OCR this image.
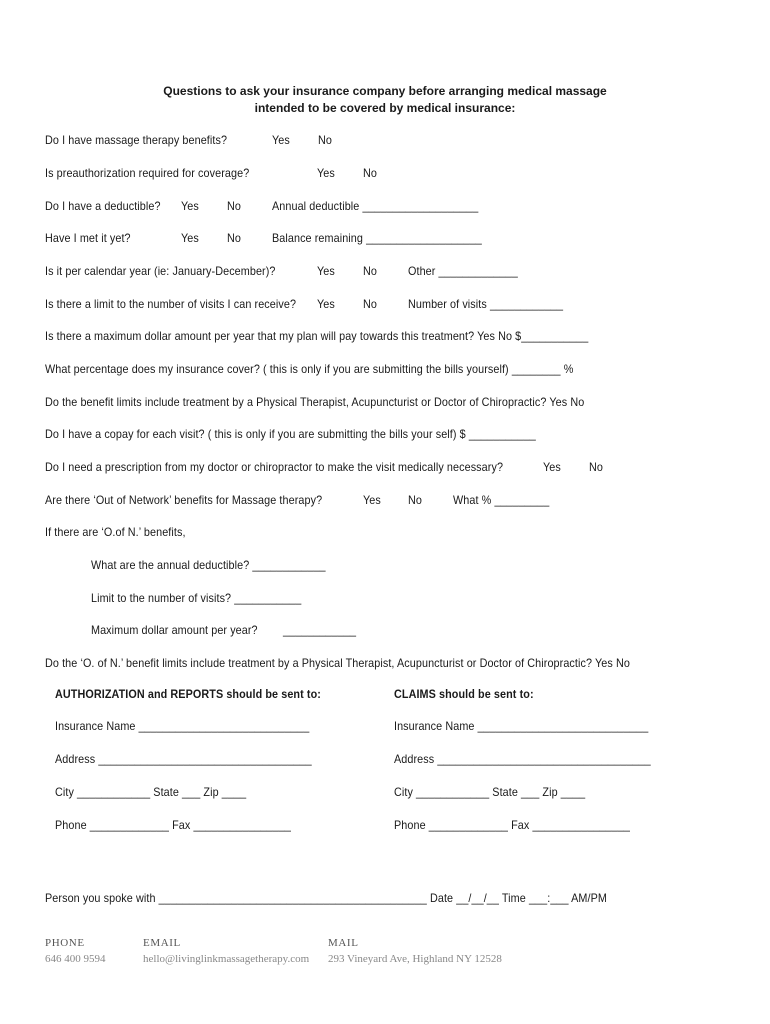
Questions to ask your insurance company before arranging medical massage
intended to be covered by medical insurance:
Do I have massage therapy benefits?	Yes No
Is preauthorization required for coverage?	Yes No
Do I have a deductible? Yes No	Annual deductible ___________________
Have I met it yet?	Yes No	Balance remaining ___________________
Is it per calendar year (ie: January-December)?	Yes No	Other _____________
Is there a limit to the number of visits I can receive? Yes No	Number of visits ____________
Is there a maximum dollar amount per year that my plan will pay towards this treatment? Yes No $___________
What percentage does my insurance cover? ( this is only if you are submitting the bills yourself) ________ %
Do the benefit limits include treatment by a Physical Therapist, Acupuncturist or Doctor of Chiropractic? Yes No
Do I have a copay for each visit? ( this is only if you are submitting the bills your self) $ ___________
Do I need a prescription from my doctor or chiropractor to make the visit medically necessary?	Yes No
Are there ‘Out of Network’ benefits for Massage therapy?	Yes No	What % _________
If there are ‘O.of N.’ benefits,
What are the annual deductible? ____________
Limit to the number of visits? ___________
Maximum dollar amount per year? ____________
Do the ‘O. of N.’ benefit limits include treatment by a Physical Therapist, Acupuncturist or Doctor of Chiropractic? Yes No
AUTHORIZATION and REPORTS should be sent to:
Insurance Name ____________________________
Address ___________________________________
City ____________ State ___ Zip ____
Phone _____________ Fax ________________
CLAIMS should be sent to:
Insurance Name ____________________________
Address ___________________________________
City ____________ State ___ Zip ____
Phone _____________ Fax ________________
Person you spoke with ____________________________________________ Date __/__/__ Time ___:___ AM/PM
PHONE
646 400 9594
EMAIL
hello@livinglinkmassagetherapy.com
MAIL
293 Vineyard Ave, Highland NY 12528
